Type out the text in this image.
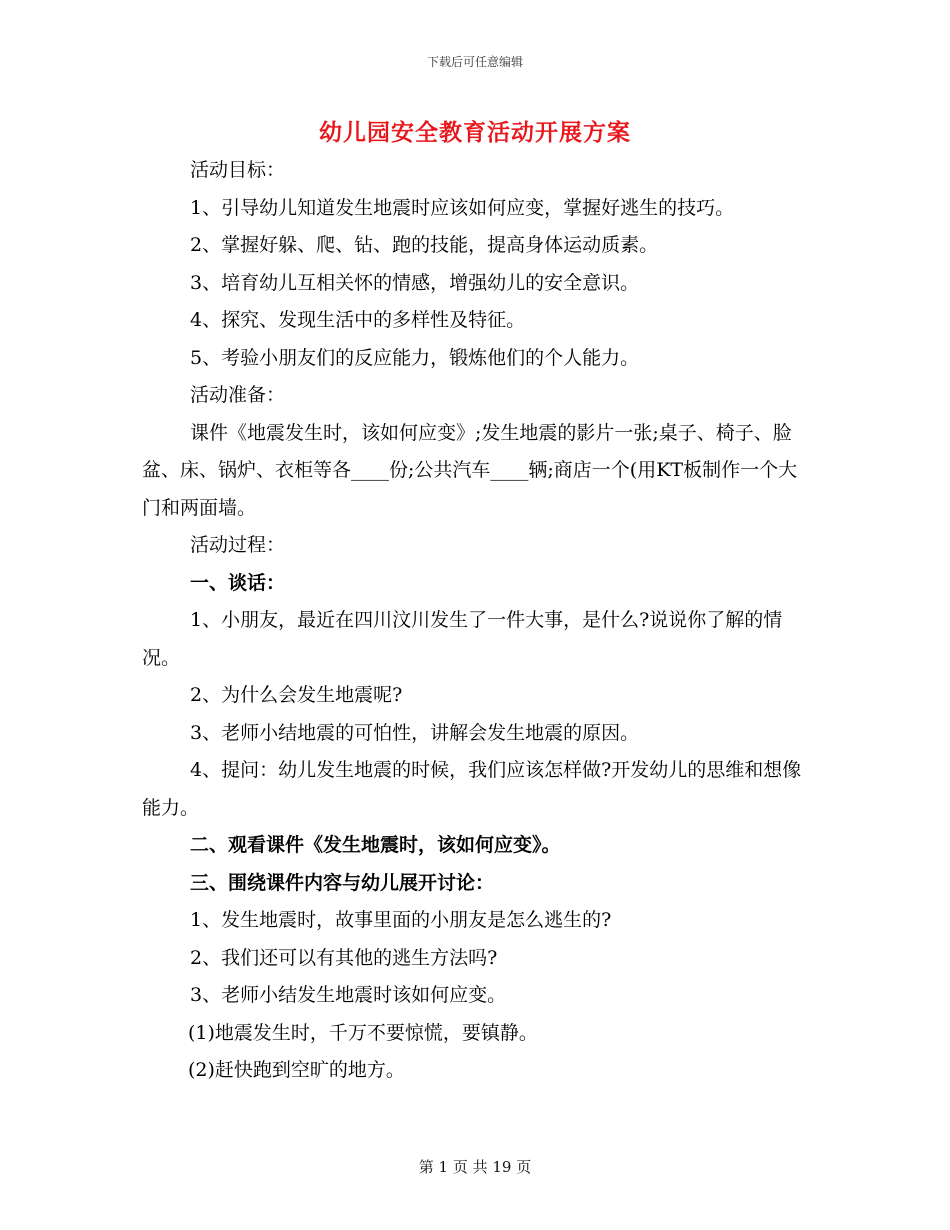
下载后可任意编辑
幼儿园安全教育活动开展方案

活动目标：

1、引导幼儿知道发生地震时应该如何应变，掌握好逃生的技巧。

2、掌握好躲、爬、钻、跑的技能，提高身体运动质素。

3、培育幼儿互相关怀的情感，增强幼儿的安全意识。

4、探究、发现生活中的多样性及特征。

5、考验小朋友们的反应能力，锻炼他们的个人能力。

活动准备：

课件《地震发生时，该如何应变》;发生地震的影片一张;桌子、椅子、脸盆、床、锅炉、衣柜等各____份;公共汽车____辆;商店一个(用KT板制作一个大门和两面墙。

活动过程：

一、谈话：

1、小朋友，最近在四川汶川发生了一件大事，是什么?说说你了解的情况。

2、为什么会发生地震呢?

3、老师小结地震的可怕性，讲解会发生地震的原因。

4、提问：幼儿发生地震的时候，我们应该怎样做?开发幼儿的思维和想像能力。

二、观看课件《发生地震时，该如何应变》。

三、围绕课件内容与幼儿展开讨论：

1、发生地震时，故事里面的小朋友是怎么逃生的?

2、我们还可以有其他的逃生方法吗?

3、老师小结发生地震时该如何应变。

(1)地震发生时，千万不要惊慌，要镇静。

(2)赶快跑到空旷的地方。

第 1 页 共 19 页
